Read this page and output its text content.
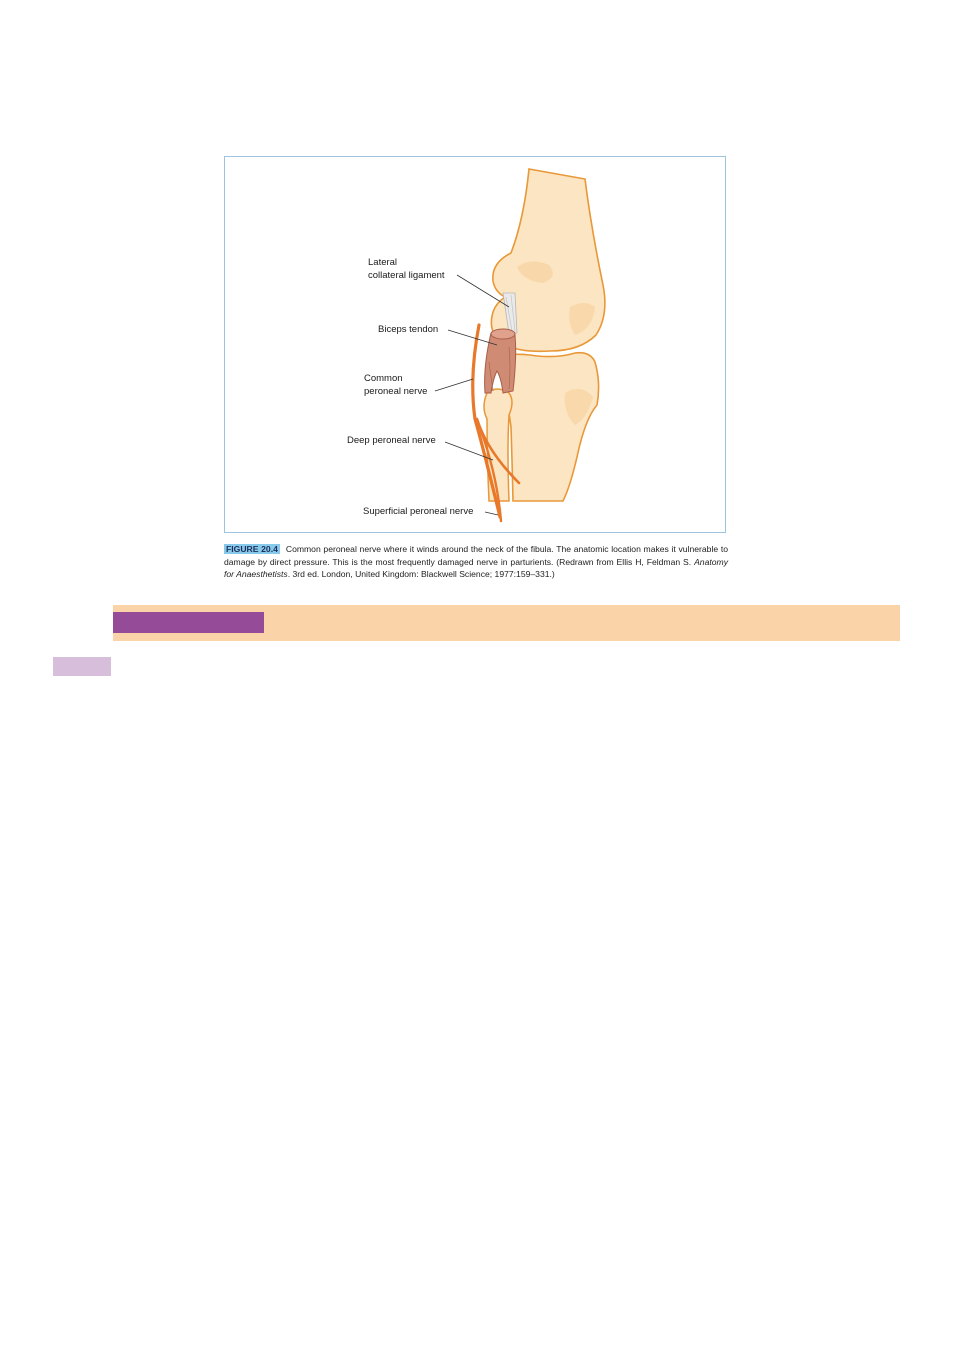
Lateral
collateral ligament

Biceps tendon

Common
peroneal nerve

Deep peroneal nerve

Superficial peroneal nerve

FIGURE 20.4 Common peroneal nerve where it winds around the neck of the fibula. The anatomic location makes it vulnerable to damage by direct pressure. This is the most frequently damaged nerve in parturients. (Redrawn from Ellis H, Feldman S. Anatomy for Anaesthetists. 3rd ed. London, United Kingdom: Blackwell Science; 1977:159–331.)
